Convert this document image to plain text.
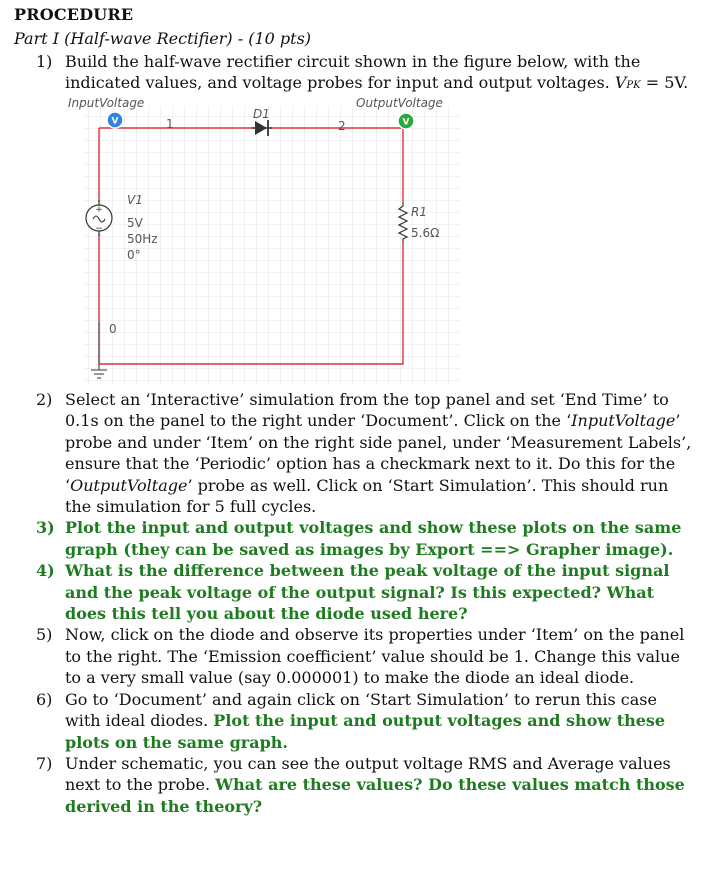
PROCEDURE
Part I (Half-wave Rectifier) - (10 pts)
1) Build the half-wave rectifier circuit shown in the figure below, with the
indicated values, and voltage probes for input and output voltages. VPK = 5V.
+
−
V	V
InputVoltage	OutputVoltage
D1
V1
R1
1	2
0
5V
50Hz
0°
5.6Ω
2) Select an ‘Interactive’ simulation from the top panel and set ‘End Time’ to 0.1s on the panel to the right under ‘Document’. Click on the ‘InputVoltage’ probe and under ‘Item’ on the right side panel, under ‘Measurement Labels’, ensure that the ‘Periodic’ option has a checkmark next to it. Do this for the ‘OutputVoltage’ probe as well. Click on ‘Start Simulation’. This should run the simulation for 5 full cycles.
3) Plot the input and output voltages and show these plots on the same graph (they can be saved as images by Export ==> Grapher image).
4) What is the difference between the peak voltage of the input signal and the peak voltage of the output signal? Is this expected? What does this tell you about the diode used here?
5) Now, click on the diode and observe its properties under ‘Item’ on the panel to the right. The ‘Emission coefficient’ value should be 1. Change this value to a very small value (say 0.000001) to make the diode an ideal diode.
6) Go to ‘Document’ and again click on ‘Start Simulation’ to rerun this case with ideal diodes. Plot the input and output voltages and show these plots on the same graph.
7) Under schematic, you can see the output voltage RMS and Average values next to the probe. What are these values? Do these values match those derived in the theory?
